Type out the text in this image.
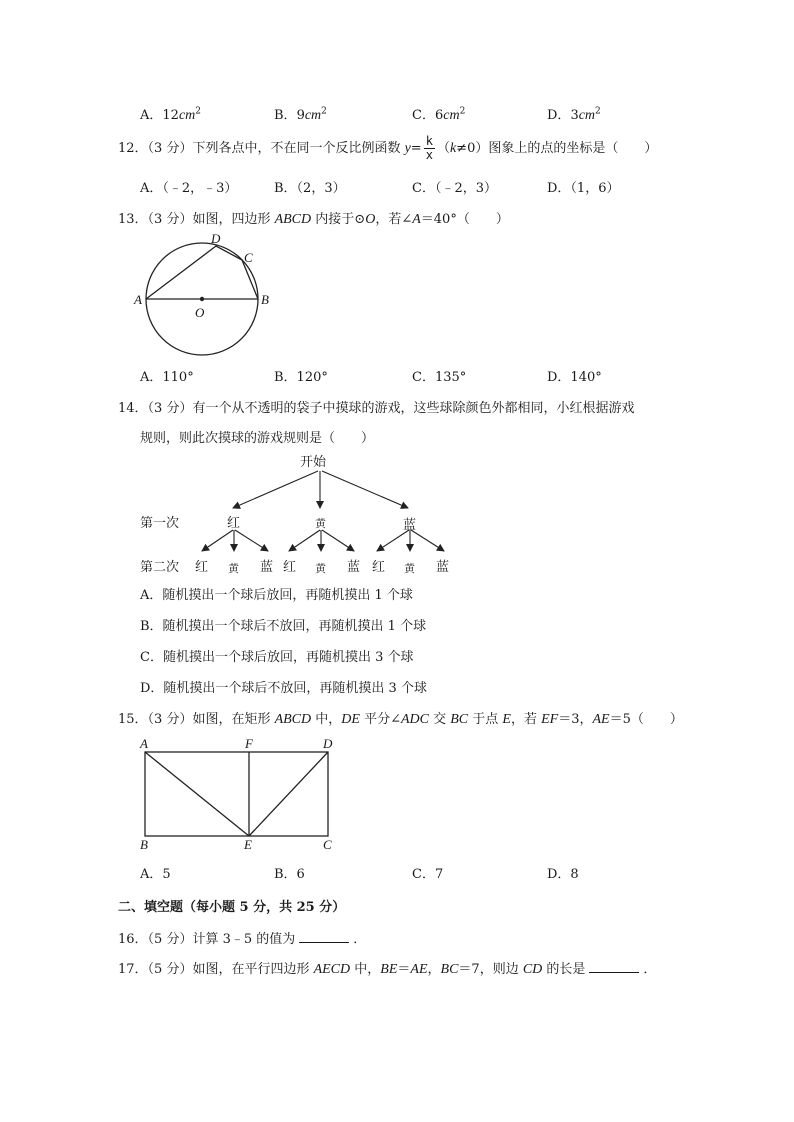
A．$12cm^2$	B．$9cm^2$	C．$6cm^2$	D．$3cm^2$
12．（3 分）下列各点中，不在同一个反比例函数 $y= \frac{k}{x} (k\ne 0)$图象上的点的坐标是（　　）
A．（﹣2，﹣3）	B．（2，3）	C．（﹣2，3）	D．（1，6）
13．（3 分）如图，四边形 ABCD 内接于⊙O，若∠A＝40°（　　）
A	B
C
D
O
A．110°	B．120°	C．135°	D．140°
14．（3 分）有一个从不透明的袋子中摸球的游戏，这些球除颜色外都相同，小红根据游戏
规则，则此次摸球的游戏规则是（　　）
开始
第一次	红	黄	蓝
第二次 红 黄 蓝 红 黄 蓝 红 黄 蓝
A．随机摸出一个球后放回，再随机摸出 1 个球
B．随机摸出一个球后不放回，再随机摸出 1 个球
C．随机摸出一个球后放回，再随机摸出 3 个球
D．随机摸出一个球后不放回，再随机摸出 3 个球
15．（3 分）如图，在矩形 ABCD 中，DE 平分∠ADC 交 BC 于点 E，若 EF＝3，AE＝5（　　）
A	F	D
B	E	C
A．5	B．6	C．7	D．8
二、填空题（每小题 5 分，共 25 分）
16．（5 分）计算 3﹣5 的值为	．
17．（5 分）如图，在平行四边形 AECD 中，BE＝AE，BC＝7，则边 CD 的长是	．
